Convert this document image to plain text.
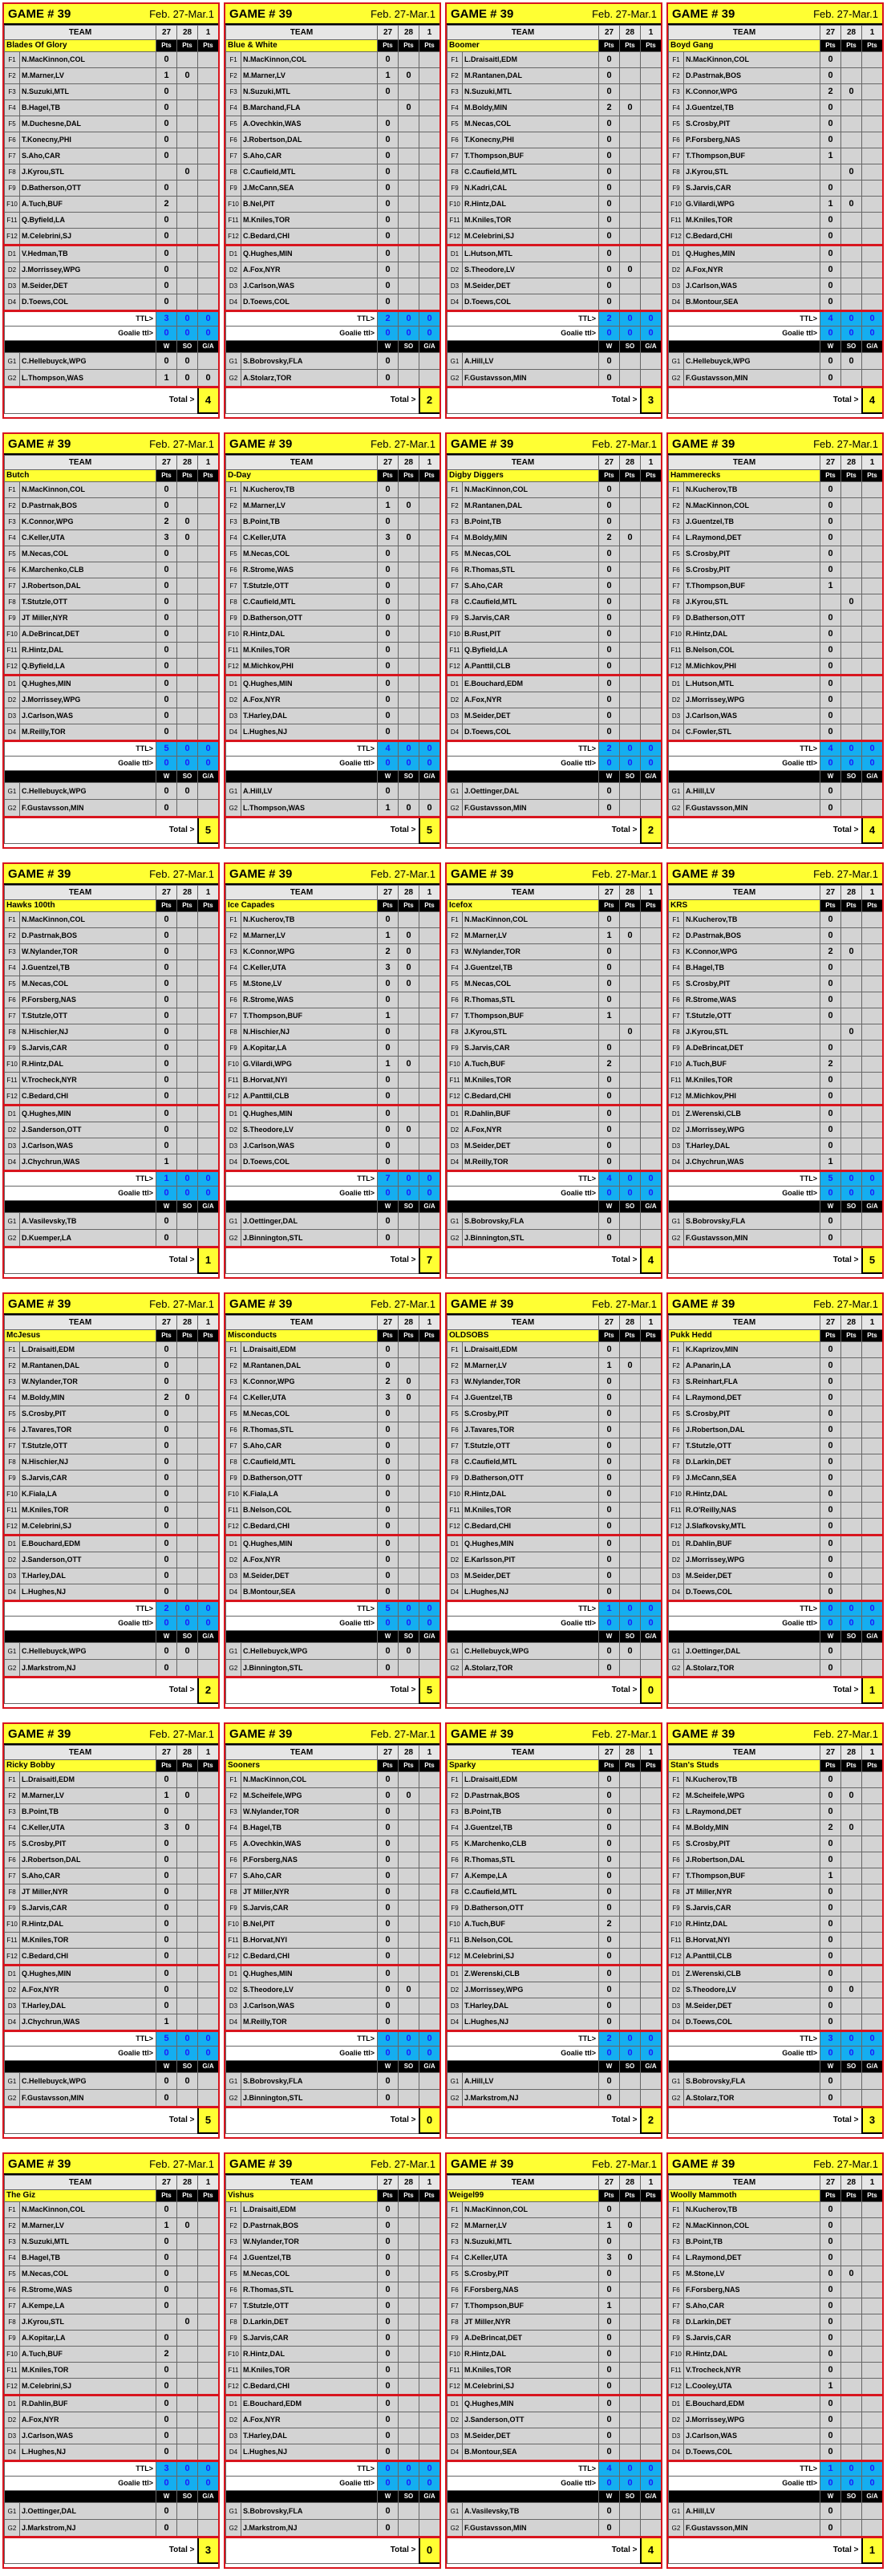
GAME # 39	Feb. 27-Mar.1
TEAM		27	28	1
Blades Of Glory		Pts	Pts	Pts
F1	N.MacKinnon,COL	0		
F2	M.Marner,LV	1	0	
F3	N.Suzuki,MTL	0		
F4	B.Hagel,TB	0		
F5	M.Duchesne,DAL	0		
F6	T.Konecny,PHI	0		
F7	S.Aho,CAR	0		
F8	J.Kyrou,STL		0	
F9	D.Batherson,OTT	0		
F10	A.Tuch,BUF	2		
F11	Q.Byfield,LA	0		
F12	M.Celebrini,SJ	0		
D1	V.Hedman,TB	0		
D2	J.Morrissey,WPG	0		
D3	M.Seider,DET	0		
D4	D.Toews,COL	0		
TTL>		3	0	0
Goalie ttl>		0	0	0
		W	SO	G/A
G1	C.Hellebuyck,WPG	0	0	
G2	L.Thompson,WAS	1	0	0
Total >				4
GAME # 39	Feb. 27-Mar.1
TEAM		27	28	1
Blue & White		Pts	Pts	Pts
F1	N.MacKinnon,COL	0		
F2	M.Marner,LV	1	0	
F3	N.Suzuki,MTL	0		
F4	B.Marchand,FLA		0	
F5	A.Ovechkin,WAS	0		
F6	J.Robertson,DAL	0		
F7	S.Aho,CAR	0		
F8	C.Caufield,MTL	0		
F9	J.McCann,SEA	0		
F10	B.Nel,PIT	0		
F11	M.Kniles,TOR	0		
F12	C.Bedard,CHI	0		
D1	Q.Hughes,MIN	0		
D2	A.Fox,NYR	0		
D3	J.Carlson,WAS	0		
D4	D.Toews,COL	0		
TTL>		2	0	0
Goalie ttl>		0	0	0
		W	SO	G/A
G1	S.Bobrovsky,FLA	0		
G2	A.Stolarz,TOR	0		
Total >				2
GAME # 39	Feb. 27-Mar.1
TEAM		27	28	1
Boomer		Pts	Pts	Pts
F1	L.Draisaitl,EDM	0		
F2	M.Rantanen,DAL	0		
F3	N.Suzuki,MTL	0		
F4	M.Boldy,MIN	2	0	
F5	M.Necas,COL	0		
F6	T.Konecny,PHI	0		
F7	T.Thompson,BUF	0		
F8	C.Caufield,MTL	0		
F9	N.Kadri,CAL	0		
F10	R.Hintz,DAL	0		
F11	M.Kniles,TOR	0		
F12	M.Celebrini,SJ	0		
D1	L.Hutson,MTL	0		
D2	S.Theodore,LV	0	0	
D3	M.Seider,DET	0		
D4	D.Toews,COL	0		
TTL>		2	0	0
Goalie ttl>		0	0	0
		W	SO	G/A
G1	A.Hill,LV	0		
G2	F.Gustavsson,MIN	0		
Total >				3
GAME # 39	Feb. 27-Mar.1
TEAM		27	28	1
Boyd Gang		Pts	Pts	Pts
F1	N.MacKinnon,COL	0		
F2	D.Pastrnak,BOS	0		
F3	K.Connor,WPG	2	0	
F4	J.Guentzel,TB	0		
F5	S.Crosby,PIT	0		
F6	P.Forsberg,NAS	0		
F7	T.Thompson,BUF	1		
F8	J.Kyrou,STL		0	
F9	S.Jarvis,CAR	0		
F10	G.Vilardi,WPG	1	0	
F11	M.Kniles,TOR	0		
F12	C.Bedard,CHI	0		
D1	Q.Hughes,MIN	0		
D2	A.Fox,NYR	0		
D3	J.Carlson,WAS	0		
D4	B.Montour,SEA	0		
TTL>		4	0	0
Goalie ttl>		0	0	0
		W	SO	G/A
G1	C.Hellebuyck,WPG	0	0	
G2	F.Gustavsson,MIN	0		
Total >				4
GAME # 39	Feb. 27-Mar.1
TEAM		27	28	1
Butch		Pts	Pts	Pts
F1	N.MacKinnon,COL	0		
F2	D.Pastrnak,BOS	0		
F3	K.Connor,WPG	2	0	
F4	C.Keller,UTA	3	0	
F5	M.Necas,COL	0		
F6	K.Marchenko,CLB	0		
F7	J.Robertson,DAL	0		
F8	T.Stutzle,OTT	0		
F9	JT Miller,NYR	0		
F10	A.DeBrincat,DET	0		
F11	R.Hintz,DAL	0		
F12	Q.Byfield,LA	0		
D1	Q.Hughes,MIN	0		
D2	J.Morrissey,WPG	0		
D3	J.Carlson,WAS	0		
D4	M.Reilly,TOR	0		
TTL>		5	0	0
Goalie ttl>		0	0	0
		W	SO	G/A
G1	C.Hellebuyck,WPG	0	0	
G2	F.Gustavsson,MIN	0		
Total >				5
GAME # 39	Feb. 27-Mar.1
TEAM		27	28	1
D-Day		Pts	Pts	Pts
F1	N.Kucherov,TB	0		
F2	M.Marner,LV	1	0	
F3	B.Point,TB	0		
F4	C.Keller,UTA	3	0	
F5	M.Necas,COL	0		
F6	R.Strome,WAS	0		
F7	T.Stutzle,OTT	0		
F8	C.Caufield,MTL	0		
F9	D.Batherson,OTT	0		
F10	R.Hintz,DAL	0		
F11	M.Kniles,TOR	0		
F12	M.Michkov,PHI	0		
D1	Q.Hughes,MIN	0		
D2	A.Fox,NYR	0		
D3	T.Harley,DAL	0		
D4	L.Hughes,NJ	0		
TTL>		4	0	0
Goalie ttl>		0	0	0
		W	SO	G/A
G1	A.Hill,LV	0		
G2	L.Thompson,WAS	1	0	0
Total >				5
GAME # 39	Feb. 27-Mar.1
TEAM		27	28	1
Digby Diggers		Pts	Pts	Pts
F1	N.MacKinnon,COL	0		
F2	M.Rantanen,DAL	0		
F3	B.Point,TB	0		
F4	M.Boldy,MIN	2	0	
F5	M.Necas,COL	0		
F6	R.Thomas,STL	0		
F7	S.Aho,CAR	0		
F8	C.Caufield,MTL	0		
F9	S.Jarvis,CAR	0		
F10	B.Rust,PIT	0		
F11	Q.Byfield,LA	0		
F12	A.Panttil,CLB	0		
D1	E.Bouchard,EDM	0		
D2	A.Fox,NYR	0		
D3	M.Seider,DET	0		
D4	D.Toews,COL	0		
TTL>		2	0	0
Goalie ttl>		0	0	0
		W	SO	G/A
G1	J.Oettinger,DAL	0		
G2	F.Gustavsson,MIN	0		
Total >				2
GAME # 39	Feb. 27-Mar.1
TEAM		27	28	1
Hammerecks		Pts	Pts	Pts
F1	N.Kucherov,TB	0		
F2	N.MacKinnon,COL	0		
F3	J.Guentzel,TB	0		
F4	L.Raymond,DET	0		
F5	S.Crosby,PIT	0		
F6	S.Crosby,PIT	0		
F7	T.Thompson,BUF	1		
F8	J.Kyrou,STL		0	
F9	D.Batherson,OTT	0		
F10	R.Hintz,DAL	0		
F11	B.Nelson,COL	0		
F12	M.Michkov,PHI	0		
D1	L.Hutson,MTL	0		
D2	J.Morrissey,WPG	0		
D3	J.Carlson,WAS	0		
D4	C.Fowler,STL	0		
TTL>		4	0	0
Goalie ttl>		0	0	0
		W	SO	G/A
G1	A.Hill,LV	0		
G2	F.Gustavsson,MIN	0		
Total >				4
GAME # 39	Feb. 27-Mar.1
TEAM		27	28	1
Hawks 100th		Pts	Pts	Pts
F1	N.MacKinnon,COL	0		
F2	D.Pastrnak,BOS	0		
F3	W.Nylander,TOR	0		
F4	J.Guentzel,TB	0		
F5	M.Necas,COL	0		
F6	P.Forsberg,NAS	0		
F7	T.Stutzle,OTT	0		
F8	N.Hischier,NJ	0		
F9	S.Jarvis,CAR	0		
F10	R.Hintz,DAL	0		
F11	V.Trocheck,NYR	0		
F12	C.Bedard,CHI	0		
D1	Q.Hughes,MIN	0		
D2	J.Sanderson,OTT	0		
D3	J.Carlson,WAS	0		
D4	J.Chychrun,WAS	1		
TTL>		1	0	0
Goalie ttl>		0	0	0
		W	SO	G/A
G1	A.Vasilevsky,TB	0		
G2	D.Kuemper,LA	0		
Total >				1
GAME # 39	Feb. 27-Mar.1
TEAM		27	28	1
Ice Capades		Pts	Pts	Pts
F1	N.Kucherov,TB	0		
F2	M.Marner,LV	1	0	
F3	K.Connor,WPG	2	0	
F4	C.Keller,UTA	3	0	
F5	M.Stone,LV	0	0	
F6	R.Strome,WAS	0		
F7	T.Thompson,BUF	1		
F8	N.Hischier,NJ	0		
F9	A.Kopitar,LA	0		
F10	G.Vilardi,WPG	1	0	
F11	B.Horvat,NYI	0		
F12	A.Panttil,CLB	0		
D1	Q.Hughes,MIN	0		
D2	S.Theodore,LV	0	0	
D3	J.Carlson,WAS	0		
D4	D.Toews,COL	0		
TTL>		7	0	0
Goalie ttl>		0	0	0
		W	SO	G/A
G1	J.Oettinger,DAL	0		
G2	J.Binnington,STL	0		
Total >				7
GAME # 39	Feb. 27-Mar.1
TEAM		27	28	1
Icefox		Pts	Pts	Pts
F1	N.MacKinnon,COL	0		
F2	M.Marner,LV	1	0	
F3	W.Nylander,TOR	0		
F4	J.Guentzel,TB	0		
F5	M.Necas,COL	0		
F6	R.Thomas,STL	0		
F7	T.Thompson,BUF	1		
F8	J.Kyrou,STL		0	
F9	S.Jarvis,CAR	0		
F10	A.Tuch,BUF	2		
F11	M.Kniles,TOR	0		
F12	C.Bedard,CHI	0		
D1	R.Dahlin,BUF	0		
D2	A.Fox,NYR	0		
D3	M.Seider,DET	0		
D4	M.Reilly,TOR	0		
TTL>		4	0	0
Goalie ttl>		0	0	0
		W	SO	G/A
G1	S.Bobrovsky,FLA	0		
G2	J.Binnington,STL	0		
Total >				4
GAME # 39	Feb. 27-Mar.1
TEAM		27	28	1
KRS		Pts	Pts	Pts
F1	N.Kucherov,TB	0		
F2	D.Pastrnak,BOS	0		
F3	K.Connor,WPG	2	0	
F4	B.Hagel,TB	0		
F5	S.Crosby,PIT	0		
F6	R.Strome,WAS	0		
F7	T.Stutzle,OTT	0		
F8	J.Kyrou,STL		0	
F9	A.DeBrincat,DET	0		
F10	A.Tuch,BUF	2		
F11	M.Kniles,TOR	0		
F12	M.Michkov,PHI	0		
D1	Z.Werenski,CLB	0		
D2	J.Morrissey,WPG	0		
D3	T.Harley,DAL	0		
D4	J.Chychrun,WAS	1		
TTL>		5	0	0
Goalie ttl>		0	0	0
		W	SO	G/A
G1	S.Bobrovsky,FLA	0		
G2	F.Gustavsson,MIN	0		
Total >				5
GAME # 39	Feb. 27-Mar.1
TEAM		27	28	1
McJesus		Pts	Pts	Pts
F1	L.Draisaitl,EDM	0		
F2	M.Rantanen,DAL	0		
F3	W.Nylander,TOR	0		
F4	M.Boldy,MIN	2	0	
F5	S.Crosby,PIT	0		
F6	J.Tavares,TOR	0		
F7	T.Stutzle,OTT	0		
F8	N.Hischier,NJ	0		
F9	S.Jarvis,CAR	0		
F10	K.Fiala,LA	0		
F11	M.Kniles,TOR	0		
F12	M.Celebrini,SJ	0		
D1	E.Bouchard,EDM	0		
D2	J.Sanderson,OTT	0		
D3	T.Harley,DAL	0		
D4	L.Hughes,NJ	0		
TTL>		2	0	0
Goalie ttl>		0	0	0
		W	SO	G/A
G1	C.Hellebuyck,WPG	0	0	
G2	J.Markstrom,NJ	0		
Total >				2
GAME # 39	Feb. 27-Mar.1
TEAM		27	28	1
Misconducts		Pts	Pts	Pts
F1	L.Draisaitl,EDM	0		
F2	M.Rantanen,DAL	0		
F3	K.Connor,WPG	2	0	
F4	C.Keller,UTA	3	0	
F5	M.Necas,COL	0		
F6	R.Thomas,STL	0		
F7	S.Aho,CAR	0		
F8	C.Caufield,MTL	0		
F9	D.Batherson,OTT	0		
F10	K.Fiala,LA	0		
F11	B.Nelson,COL	0		
F12	C.Bedard,CHI	0		
D1	Q.Hughes,MIN	0		
D2	A.Fox,NYR	0		
D3	M.Seider,DET	0		
D4	B.Montour,SEA	0		
TTL>		5	0	0
Goalie ttl>		0	0	0
		W	SO	G/A
G1	C.Hellebuyck,WPG	0	0	
G2	J.Binnington,STL	0		
Total >				5
GAME # 39	Feb. 27-Mar.1
TEAM		27	28	1
OLDSOBS		Pts	Pts	Pts
F1	L.Draisaitl,EDM	0		
F2	M.Marner,LV	1	0	
F3	W.Nylander,TOR	0		
F4	J.Guentzel,TB	0		
F5	S.Crosby,PIT	0		
F6	J.Tavares,TOR	0		
F7	T.Stutzle,OTT	0		
F8	C.Caufield,MTL	0		
F9	D.Batherson,OTT	0		
F10	R.Hintz,DAL	0		
F11	M.Kniles,TOR	0		
F12	C.Bedard,CHI	0		
D1	Q.Hughes,MIN	0		
D2	E.Karlsson,PIT	0		
D3	M.Seider,DET	0		
D4	L.Hughes,NJ	0		
TTL>		1	0	0
Goalie ttl>		0	0	0
		W	SO	G/A
G1	C.Hellebuyck,WPG	0	0	
G2	A.Stolarz,TOR	0		
Total >				0
GAME # 39	Feb. 27-Mar.1
TEAM		27	28	1
Pukk Hedd		Pts	Pts	Pts
F1	K.Kaprizov,MIN	0		
F2	A.Panarin,LA	0		
F3	S.Reinhart,FLA	0		
F4	L.Raymond,DET	0		
F5	S.Crosby,PIT	0		
F6	J.Robertson,DAL	0		
F7	T.Stutzle,OTT	0		
F8	D.Larkin,DET	0		
F9	J.McCann,SEA	0		
F10	R.Hintz,DAL	0		
F11	R.O'Reilly,NAS	0		
F12	J.Slafkovsky,MTL	0		
D1	R.Dahlin,BUF	0		
D2	J.Morrissey,WPG	0		
D3	M.Seider,DET	0		
D4	D.Toews,COL	0		
TTL>		0	0	0
Goalie ttl>		0	0	0
		W	SO	G/A
G1	J.Oettinger,DAL	0		
G2	A.Stolarz,TOR	0		
Total >				1
GAME # 39	Feb. 27-Mar.1
TEAM		27	28	1
Ricky Bobby		Pts	Pts	Pts
F1	L.Draisaitl,EDM	0		
F2	M.Marner,LV	1	0	
F3	B.Point,TB	0		
F4	C.Keller,UTA	3	0	
F5	S.Crosby,PIT	0		
F6	J.Robertson,DAL	0		
F7	S.Aho,CAR	0		
F8	JT Miller,NYR	0		
F9	S.Jarvis,CAR	0		
F10	R.Hintz,DAL	0		
F11	M.Kniles,TOR	0		
F12	C.Bedard,CHI	0		
D1	Q.Hughes,MIN	0		
D2	A.Fox,NYR	0		
D3	T.Harley,DAL	0		
D4	J.Chychrun,WAS	1		
TTL>		5	0	0
Goalie ttl>		0	0	0
		W	SO	G/A
G1	C.Hellebuyck,WPG	0	0	
G2	F.Gustavsson,MIN	0		
Total >				5
GAME # 39	Feb. 27-Mar.1
TEAM		27	28	1
Sooners		Pts	Pts	Pts
F1	N.MacKinnon,COL	0		
F2	M.Scheifele,WPG	0	0	
F3	W.Nylander,TOR	0		
F4	B.Hagel,TB	0		
F5	A.Ovechkin,WAS	0		
F6	P.Forsberg,NAS	0		
F7	S.Aho,CAR	0		
F8	JT Miller,NYR	0		
F9	S.Jarvis,CAR	0		
F10	B.Nel,PIT	0		
F11	B.Horvat,NYI	0		
F12	C.Bedard,CHI	0		
D1	Q.Hughes,MIN	0		
D2	S.Theodore,LV	0	0	
D3	J.Carlson,WAS	0		
D4	M.Reilly,TOR	0		
TTL>		0	0	0
Goalie ttl>		0	0	0
		W	SO	G/A
G1	S.Bobrovsky,FLA	0		
G2	J.Binnington,STL	0		
Total >				0
GAME # 39	Feb. 27-Mar.1
TEAM		27	28	1
Sparky		Pts	Pts	Pts
F1	L.Draisaitl,EDM	0		
F2	D.Pastrnak,BOS	0		
F3	B.Point,TB	0		
F4	J.Guentzel,TB	0		
F5	K.Marchenko,CLB	0		
F6	R.Thomas,STL	0		
F7	A.Kempe,LA	0		
F8	C.Caufield,MTL	0		
F9	D.Batherson,OTT	0		
F10	A.Tuch,BUF	2		
F11	B.Nelson,COL	0		
F12	M.Celebrini,SJ	0		
D1	Z.Werenski,CLB	0		
D2	J.Morrissey,WPG	0		
D3	T.Harley,DAL	0		
D4	L.Hughes,NJ	0		
TTL>		2	0	0
Goalie ttl>		0	0	0
		W	SO	G/A
G1	A.Hill,LV	0		
G2	J.Markstrom,NJ	0		
Total >				2
GAME # 39	Feb. 27-Mar.1
TEAM		27	28	1
Stan's Studs		Pts	Pts	Pts
F1	N.Kucherov,TB	0		
F2	M.Scheifele,WPG	0	0	
F3	L.Raymond,DET	0		
F4	M.Boldy,MIN	2	0	
F5	S.Crosby,PIT	0		
F6	J.Robertson,DAL	0		
F7	T.Thompson,BUF	1		
F8	JT Miller,NYR	0		
F9	S.Jarvis,CAR	0		
F10	R.Hintz,DAL	0		
F11	B.Horvat,NYI	0		
F12	A.Panttil,CLB	0		
D1	Z.Werenski,CLB	0		
D2	S.Theodore,LV	0	0	
D3	M.Seider,DET	0		
D4	D.Toews,COL	0		
TTL>		3	0	0
Goalie ttl>		0	0	0
		W	SO	G/A
G1	S.Bobrovsky,FLA	0		
G2	A.Stolarz,TOR	0		
Total >				3
GAME # 39	Feb. 27-Mar.1
TEAM		27	28	1
The Giz		Pts	Pts	Pts
F1	N.MacKinnon,COL	0		
F2	M.Marner,LV	1	0	
F3	N.Suzuki,MTL	0		
F4	B.Hagel,TB	0		
F5	M.Necas,COL	0		
F6	R.Strome,WAS	0		
F7	A.Kempe,LA	0		
F8	J.Kyrou,STL		0	
F9	A.Kopitar,LA	0		
F10	A.Tuch,BUF	2		
F11	M.Kniles,TOR	0		
F12	M.Celebrini,SJ	0		
D1	R.Dahlin,BUF	0		
D2	A.Fox,NYR	0		
D3	J.Carlson,WAS	0		
D4	L.Hughes,NJ	0		
TTL>		3	0	0
Goalie ttl>		0	0	0
		W	SO	G/A
G1	J.Oettinger,DAL	0		
G2	J.Markstrom,NJ	0		
Total >				3
GAME # 39	Feb. 27-Mar.1
TEAM		27	28	1
Vishus		Pts	Pts	Pts
F1	L.Draisaitl,EDM	0		
F2	D.Pastrnak,BOS	0		
F3	W.Nylander,TOR	0		
F4	J.Guentzel,TB	0		
F5	M.Necas,COL	0		
F6	R.Thomas,STL	0		
F7	T.Stutzle,OTT	0		
F8	D.Larkin,DET	0		
F9	S.Jarvis,CAR	0		
F10	R.Hintz,DAL	0		
F11	M.Kniles,TOR	0		
F12	C.Bedard,CHI	0		
D1	E.Bouchard,EDM	0		
D2	A.Fox,NYR	0		
D3	T.Harley,DAL	0		
D4	L.Hughes,NJ	0		
TTL>		0	0	0
Goalie ttl>		0	0	0
		W	SO	G/A
G1	S.Bobrovsky,FLA	0		
G2	J.Markstrom,NJ	0		
Total >				0
GAME # 39	Feb. 27-Mar.1
TEAM		27	28	1
Weigel99		Pts	Pts	Pts
F1	N.MacKinnon,COL	0		
F2	M.Marner,LV	1	0	
F3	N.Suzuki,MTL	0		
F4	C.Keller,UTA	3	0	
F5	S.Crosby,PIT	0		
F6	F.Forsberg,NAS	0		
F7	T.Thompson,BUF	1		
F8	JT Miller,NYR	0		
F9	A.DeBrincat,DET	0		
F10	R.Hintz,DAL	0		
F11	M.Kniles,TOR	0		
F12	M.Celebrini,SJ	0		
D1	Q.Hughes,MIN	0		
D2	J.Sanderson,OTT	0		
D3	M.Seider,DET	0		
D4	B.Montour,SEA	0		
TTL>		4	0	0
Goalie ttl>		0	0	0
		W	SO	G/A
G1	A.Vasilevsky,TB	0		
G2	F.Gustavsson,MIN	0		
Total >				4
GAME # 39	Feb. 27-Mar.1
TEAM		27	28	1
Woolly Mammoth		Pts	Pts	Pts
F1	N.Kucherov,TB	0		
F2	N.MacKinnon,COL	0		
F3	B.Point,TB	0		
F4	L.Raymond,DET	0		
F5	M.Stone,LV	0	0	
F6	F.Forsberg,NAS	0		
F7	S.Aho,CAR	0		
F8	D.Larkin,DET	0		
F9	S.Jarvis,CAR	0		
F10	R.Hintz,DAL	0		
F11	V.Trocheck,NYR	0		
F12	L.Cooley,UTA	1		
D1	E.Bouchard,EDM	0		
D2	J.Morrissey,WPG	0		
D3	J.Carlson,WAS	0		
D4	D.Toews,COL	0		
TTL>		1	0	0
Goalie ttl>		0	0	0
		W	SO	G/A
G1	A.Hill,LV	0		
G2	F.Gustavsson,MIN	0		
Total >				1
